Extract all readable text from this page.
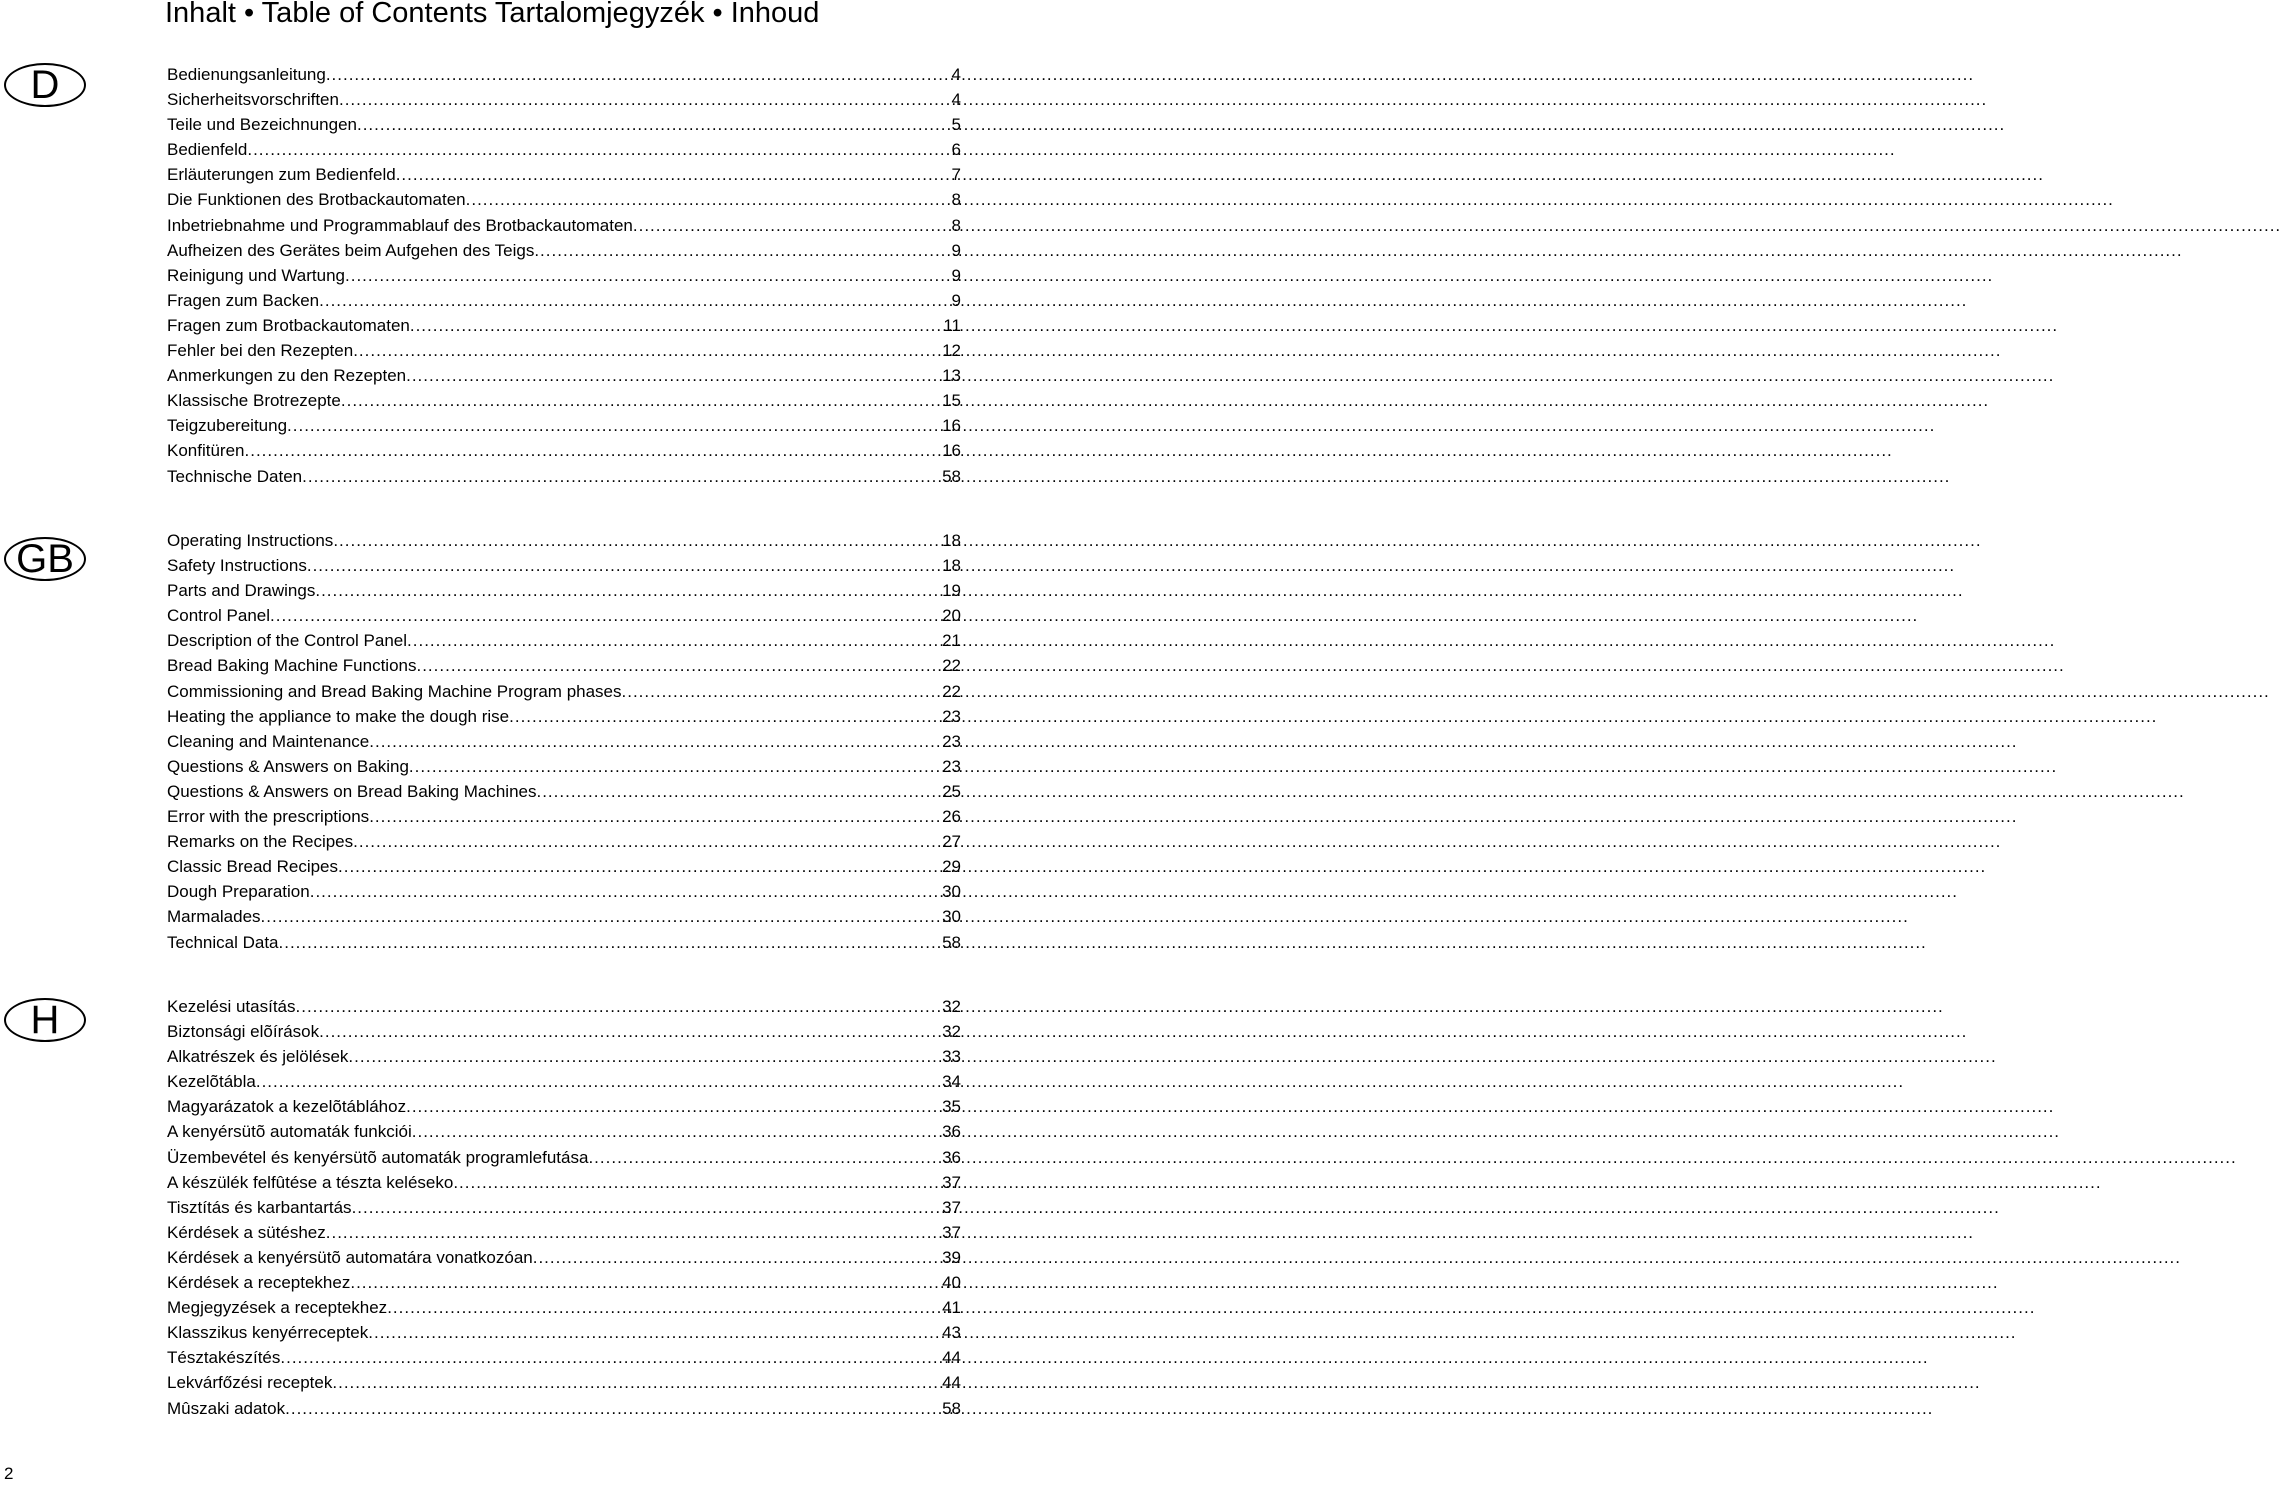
Inhalt • Table of Contents Tartalomjegyzék • Inhoud
D	Bedienungsanleitung .....	4
Sicherheitsvorschriften .....	4
Teile und Bezeichnungen .....	5
Bedienfeld .....	6
Erläuterungen zum Bedienfeld .....	7
Die Funktionen des Brotbackautomaten .....	8
Inbetriebnahme und Programmablauf des Brotbackautomaten .....	8
Aufheizen des Gerätes beim Aufgehen des Teigs .....	9
Reinigung und Wartung .....	9
Fragen zum Backen .....	9
Fragen zum Brotbackautomaten .....	11
Fehler bei den Rezepten .....	12
Anmerkungen zu den Rezepten .....	13
Klassische Brotrezepte .....	15
Teigzubereitung .....	16
Konfitüren .....	16
Technische Daten .....	58
GB	Operating Instructions .....	18
Safety Instructions .....	18
Parts and Drawings .....	19
Control Panel .....	20
Description of the Control Panel .....	21
Bread Baking Machine Functions .....	22
Commissioning and Bread Baking Machine Program phases .....	22
Heating the appliance to make the dough rise .....	23
Cleaning and Maintenance .....	23
Questions & Answers on Baking .....	23
Questions & Answers on Bread Baking Machines .....	25
Error with the prescriptions .....	26
Remarks on the Recipes .....	27
Classic Bread Recipes .....	29
Dough Preparation .....	30
Marmalades .....	30
Technical Data .....	58
H	Kezelési utasítás .....	32
Biztonsági elõírások .....	32
Alkatrészek és jelölések .....	33
Kezelõtábla .....	34
Magyarázatok a kezelõtáblához .....	35
A kenyérsütõ automaták funkciói .....	36
Üzembevétel és kenyérsütõ automaták programlefutása .....	36
A készülék felfûtése a tészta keléseko .....	37
Tisztítás és karbantartás .....	37
Kérdések a sütéshez .....	37
Kérdések a kenyérsütõ automatára vonatkozóan .....	39
Kérdések a receptekhez .....	40
Megjegyzések a receptekhez .....	41
Klasszikus kenyérreceptek .....	43
Tésztakészítés .....	44
Lekvárfőzési receptek .....	44
Mûszaki adatok .....	58
2
